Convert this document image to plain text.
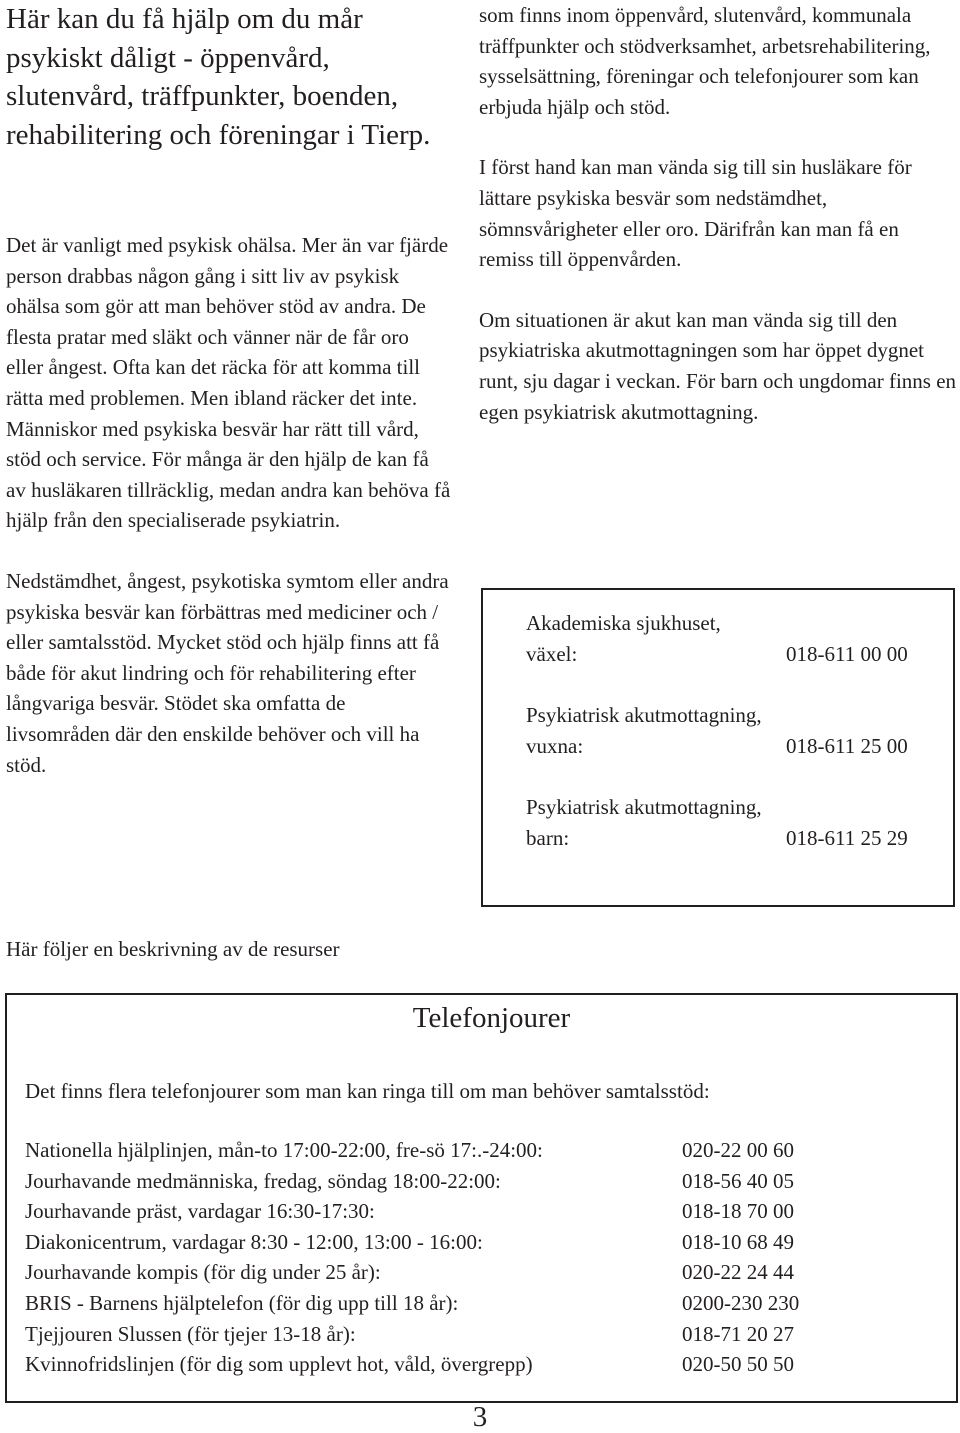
Här kan du få hjälp om du mår psykiskt dåligt - öppenvård, slutenvård, träffpunkter, boenden, rehabilitering och föreningar i Tierp.

Det är vanligt med psykisk ohälsa. Mer än var fjärde person drabbas någon gång i sitt liv av psykisk ohälsa som gör att man behöver stöd av andra. De flesta pratar med släkt och vänner när de får oro eller ångest. Ofta kan det räcka för att komma till rätta med problemen. Men ibland räcker det inte. Människor med psykiska besvär har rätt till vård, stöd och service. För många är den hjälp de kan få av husläkaren tillräcklig, medan andra kan behöva få hjälp från den specialiserade psykiatrin.

Nedstämdhet, ångest, psykotiska symtom eller andra psykiska besvär kan förbättras med mediciner och / eller samtalsstöd. Mycket stöd och hjälp finns att få både för akut lindring och för rehabilitering efter långvariga besvär. Stödet ska omfatta de livsområden där den enskilde behöver och vill ha stöd.

som finns inom öppenvård, slutenvård, kommunala träffpunkter och stödverksamhet, arbetsrehabilitering, sysselsättning, föreningar och telefonjourer som kan erbjuda hjälp och stöd.

I först hand kan man vända sig till sin husläkare för lättare psykiska besvär som nedstämdhet, sömnsvårigheter eller oro. Därifrån kan man få en remiss till öppenvården.

Om situationen är akut kan man vända sig till den psykiatriska akutmottagningen som har öppet dygnet runt, sju dagar i veckan. För barn och ungdomar finns en egen psykiatrisk akutmottagning.

Akademiska sjukhuset,
växel:	018-611 00 00
Psykiatrisk akutmottagning,
vuxna:	018-611 25 00
Psykiatrisk akutmottagning,
barn:	018-611 25 29
Här följer en beskrivning av de resurser
Telefonjourer
Det finns flera telefonjourer som man kan ringa till om man behöver samtalsstöd:
Nationella hjälplinjen, mån-to 17:00-22:00, fre-sö 17:.-24:00:	020-22 00 60
Jourhavande medmänniska, fredag, söndag 18:00-22:00:	018-56 40 05
Jourhavande präst, vardagar 16:30-17:30:	018-18 70 00
Diakonicentrum, vardagar 8:30 - 12:00, 13:00 - 16:00:	018-10 68 49
Jourhavande kompis (för dig under 25 år):	020-22 24 44
BRIS - Barnens hjälptelefon (för dig upp till 18 år):	0200-230 230
Tjejjouren Slussen (för tjejer 13-18 år):	018-71 20 27
Kvinnofridslinjen (för dig som upplevt hot, våld, övergrepp)	020-50 50 50
3
